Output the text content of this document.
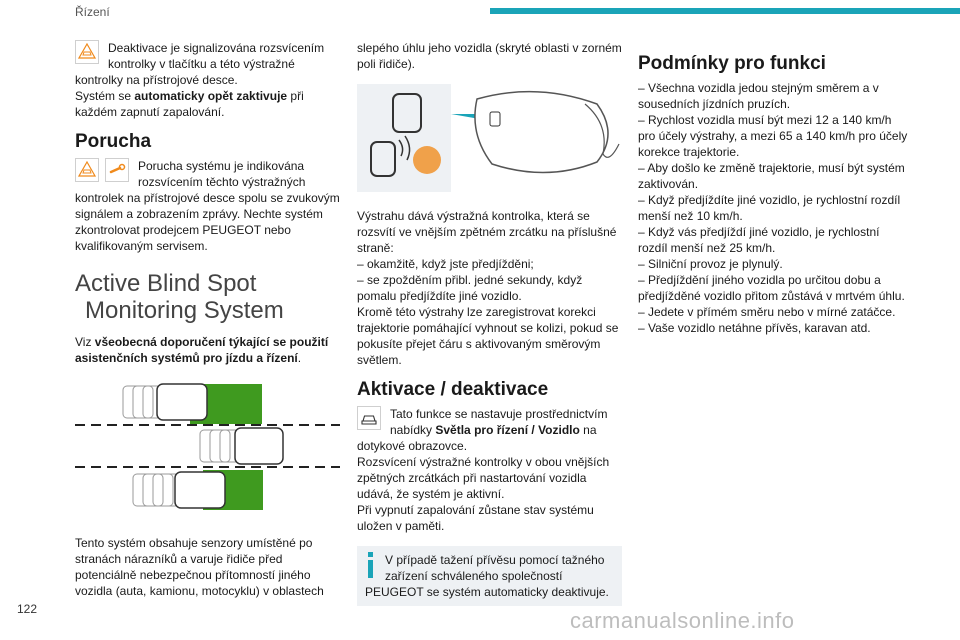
Řízení
122

Deaktivace je signalizována rozsvícením kontrolky v tlačítku a této výstražné kontrolky na přístrojové desce.

Systém se automaticky opět zaktivuje při každém zapnutí zapalování.

Porucha

Porucha systému je indikována rozsvícením těchto výstražných kontrolek na přístrojové desce spolu se zvukovým signálem a zobrazením zprávy. Nechte systém zkontrolovat prodejcem PEUGEOT nebo kvalifikovaným servisem.

Active Blind Spot
Monitoring System

Viz všeobecná doporučení týkající se použití asistenčních systémů pro jízdu a řízení.

Tento systém obsahuje senzory umístěné po stranách nárazníků a varuje řidiče před potenciálně nebezpečnou přítomností jiného vozidla (auta, kamionu, motocyklu) v oblastech

slepého úhlu jeho vozidla (skryté oblasti v zorném poli řidiče).

Výstrahu dává výstražná kontrolka, která se rozsvítí ve vnějším zpětném zrcátku na příslušné straně:

– okamžitě, když jste předjížděni;

– se zpožděním přibl. jedné sekundy, když pomalu předjíždíte jiné vozidlo.

Kromě této výstrahy lze zaregistrovat korekci trajektorie pomáhající vyhnout se kolizi, pokud se pokusíte přejet čáru s aktivovaným směrovým světlem.

Aktivace / deaktivace

Tato funkce se nastavuje prostřednictvím nabídky Světla pro řízení / Vozidlo na dotykové obrazovce.

Rozsvícení výstražné kontrolky v obou vnějších zpětných zrcátkách při nastartování vozidla udává, že systém je aktivní.

Při vypnutí zapalování zůstane stav systému uložen v paměti.

V případě tažení přívěsu pomocí tažného zařízení schváleného společností PEUGEOT se systém automaticky deaktivuje.
Podmínky pro funkci

– Všechna vozidla jedou stejným směrem a v sousedních jízdních pruzích.

– Rychlost vozidla musí být mezi 12 a 140 km/h pro účely výstrahy, a mezi 65 a 140 km/h pro účely korekce trajektorie.

– Aby došlo ke změně trajektorie, musí být systém zaktivován.

– Když předjíždíte jiné vozidlo, je rychlostní rozdíl menší než 10 km/h.

– Když vás předjíždí jiné vozidlo, je rychlostní rozdíl menší než 25 km/h.

– Silniční provoz je plynulý.

– Předjíždění jiného vozidla po určitou dobu a předjížděné vozidlo přitom zůstává v mrtvém úhlu.

– Jedete v přímém směru nebo v mírné zatáčce.

– Vaše vozidlo netáhne přívěs, karavan atd.

carmanualsonline.info
